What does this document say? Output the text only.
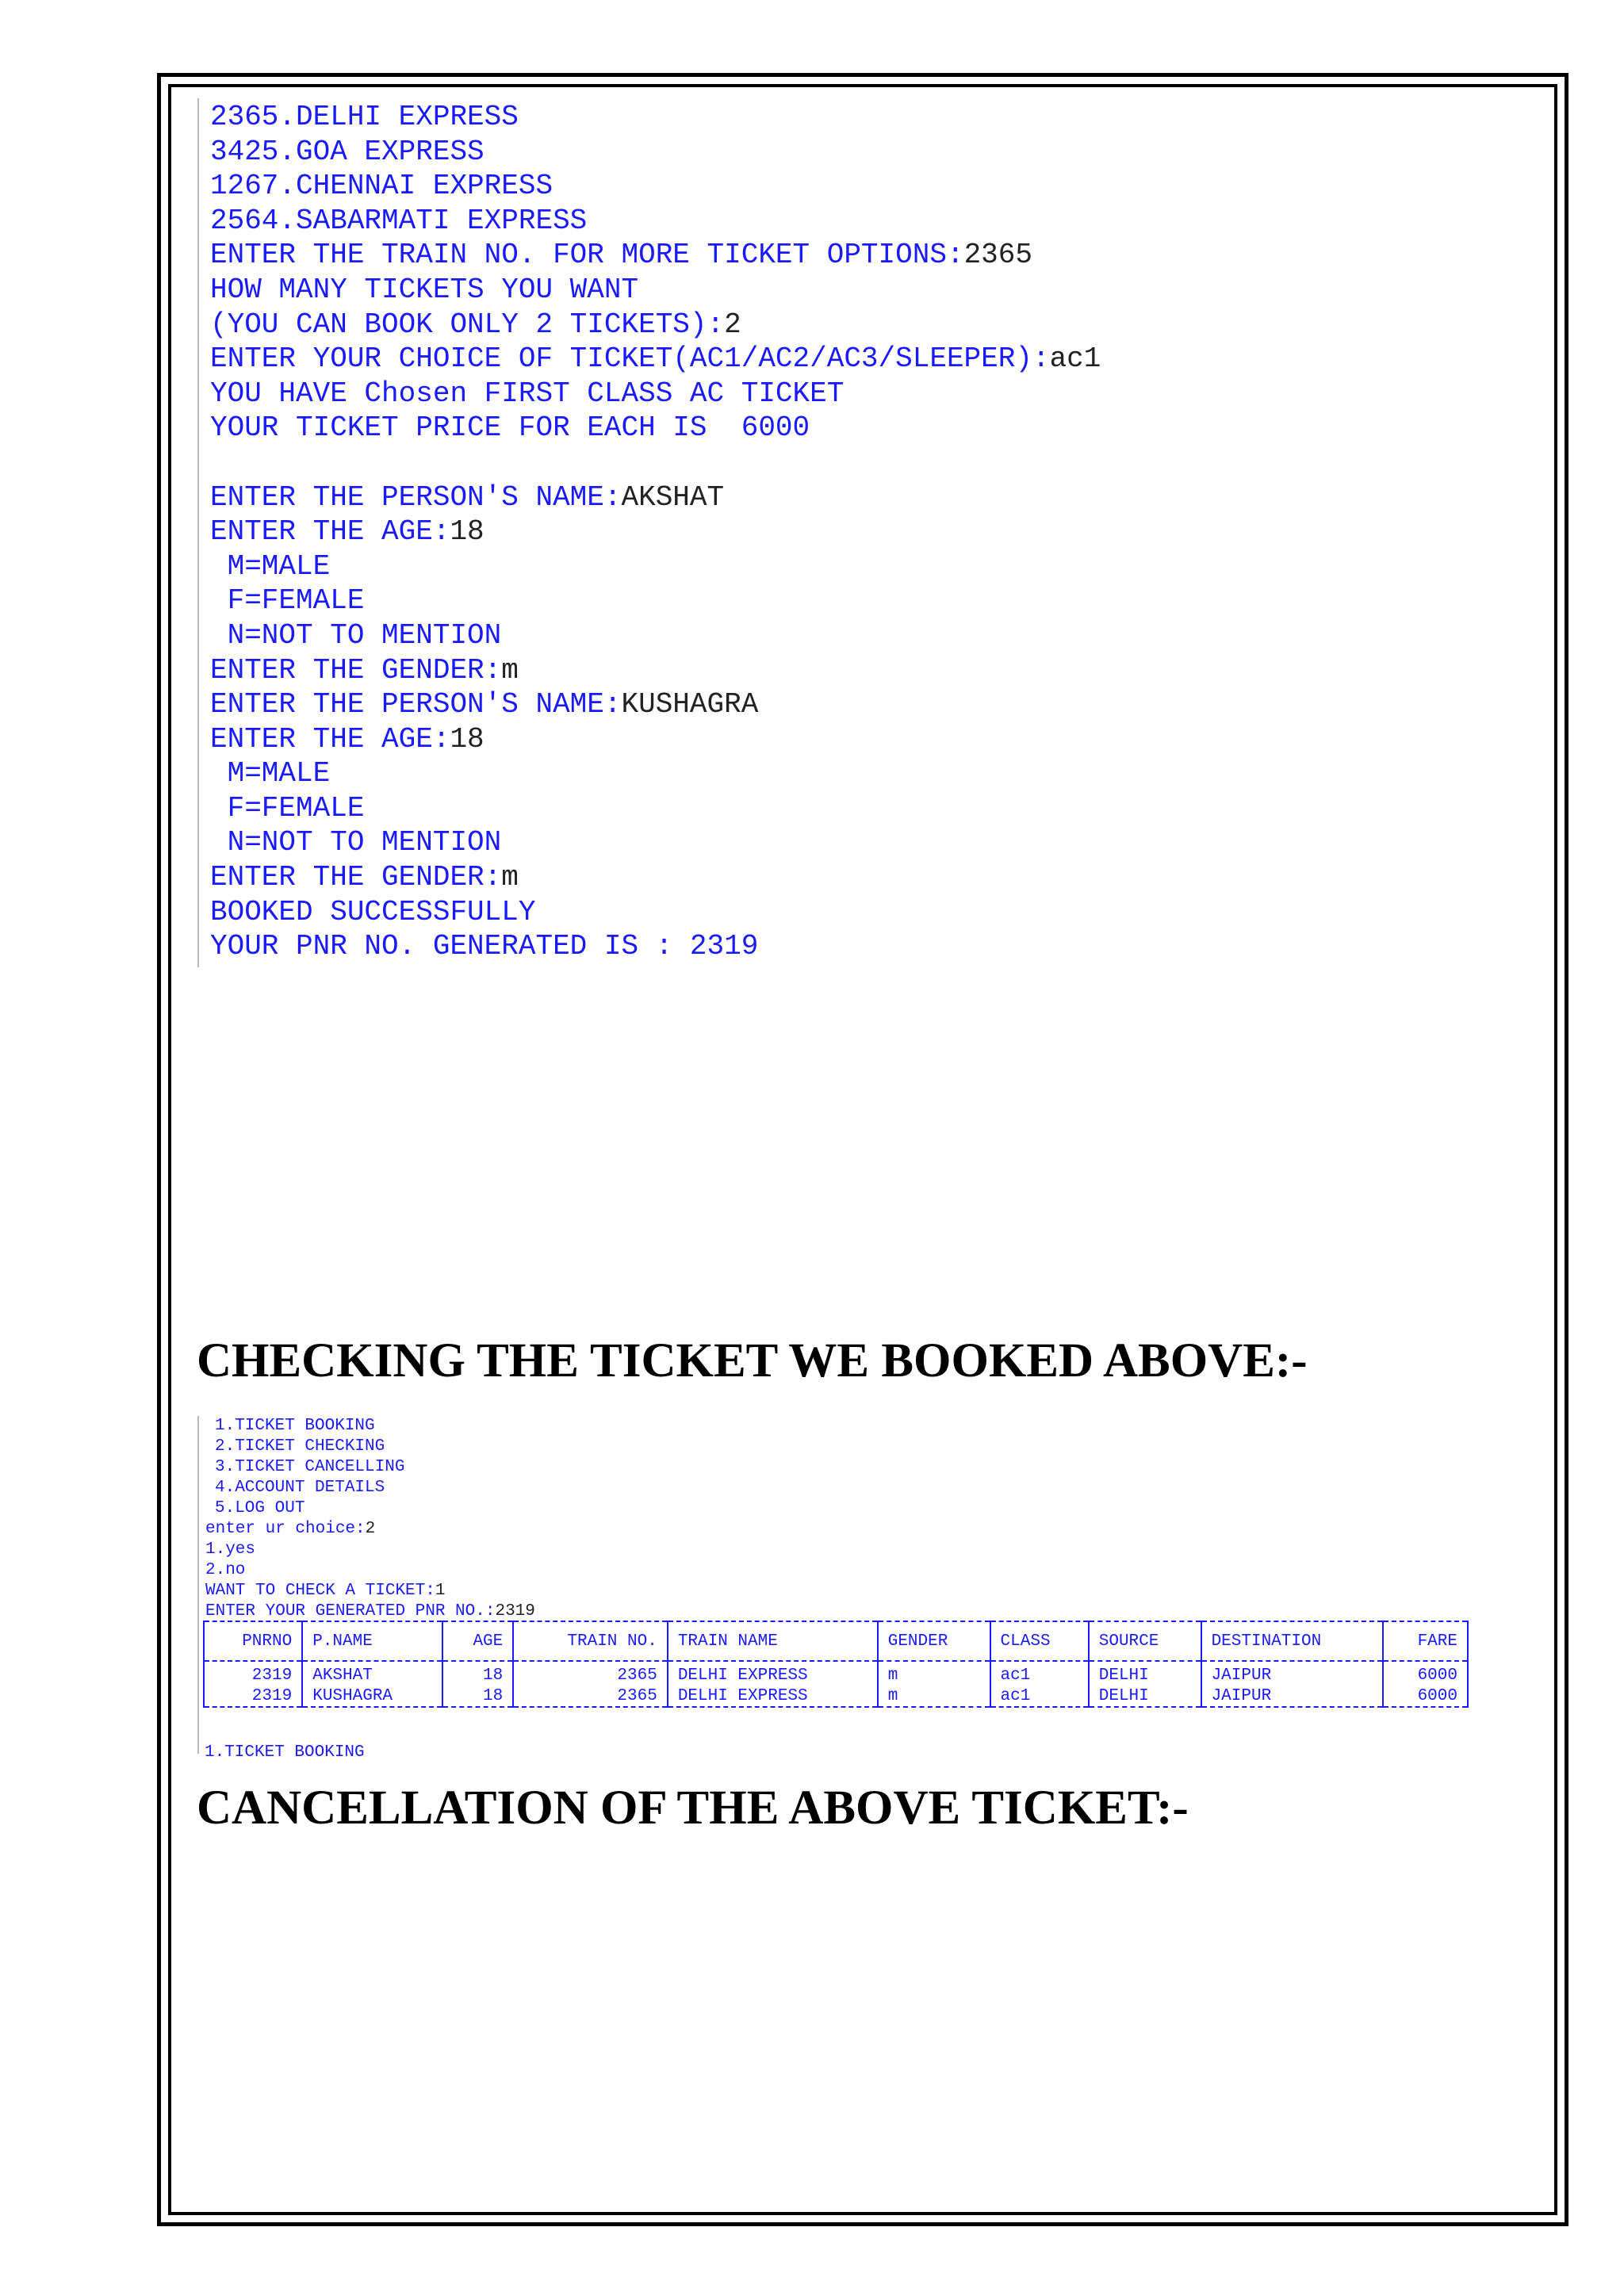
2365.DELHI EXPRESS
3425.GOA EXPRESS
1267.CHENNAI EXPRESS
2564.SABARMATI EXPRESS
ENTER THE TRAIN NO. FOR MORE TICKET OPTIONS:2365
HOW MANY TICKETS YOU WANT
(YOU CAN BOOK ONLY 2 TICKETS):2
ENTER YOUR CHOICE OF TICKET(AC1/AC2/AC3/SLEEPER):ac1
YOU HAVE Chosen FIRST CLASS AC TICKET
YOUR TICKET PRICE FOR EACH IS  6000

ENTER THE PERSON'S NAME:AKSHAT
ENTER THE AGE:18
M=MALE
F=FEMALE
N=NOT TO MENTION
ENTER THE GENDER:m
ENTER THE PERSON'S NAME:KUSHAGRA
ENTER THE AGE:18
M=MALE
F=FEMALE
N=NOT TO MENTION
ENTER THE GENDER:m
BOOKED SUCCESSFULLY
YOUR PNR NO. GENERATED IS : 2319
CHECKING THE TICKET WE BOOKED ABOVE:-
1.TICKET BOOKING
2.TICKET CHECKING
3.TICKET CANCELLING
4.ACCOUNT DETAILS
5.LOG OUT
enter ur choice:2
1.yes
2.no
WANT TO CHECK A TICKET:1
ENTER YOUR GENERATED PNR NO.:2319
PNRNO	P.NAME	AGE	TRAIN NO.	TRAIN NAME	GENDER	CLASS	SOURCE	DESTINATION	FARE
2319	AKSHAT	18	2365	DELHI EXPRESS	m	ac1	DELHI	JAIPUR	6000
2319	KUSHAGRA	18	2365	DELHI EXPRESS	m	ac1	DELHI	JAIPUR	6000
1.TICKET BOOKING
CANCELLATION OF THE ABOVE TICKET:-
